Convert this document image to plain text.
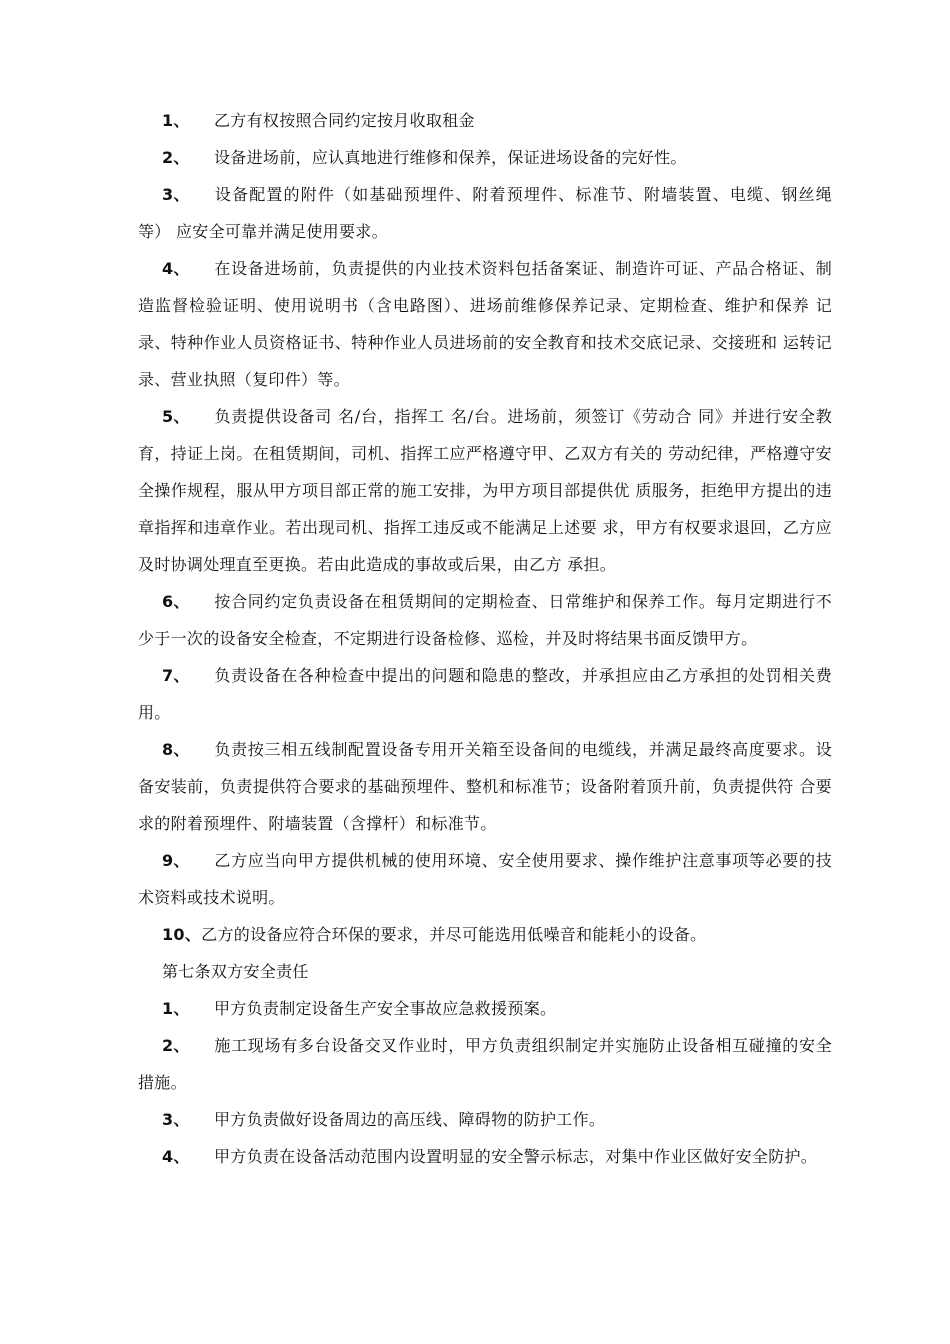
1、 乙方有权按照合同约定按月收取租金

2、 设备进场前，应认真地进行维修和保养，保证进场设备的完好性。

3、 设备配置的附件（如基础预埋件、附着预埋件、标准节、附墙装置、电缆、钢丝绳等） 应安全可靠并满足使用要求。

4、 在设备进场前，负责提供的内业技术资料包括备案证、制造许可证、产品合格证、制 造监督检验证明、使用说明书（含电路图）、进场前维修保养记录、定期检查、维护和保养 记录、特种作业人员资格证书、特种作业人员进场前的安全教育和技术交底记录、交接班和 运转记录、营业执照（复印件）等。

5、 负责提供设备司 名/台，指挥工 名/台。进场前，须签订《劳动合 同》并进行安全教育，持证上岗。在租赁期间，司机、指挥工应严格遵守甲、乙双方有关的 劳动纪律，严格遵守安全操作规程，服从甲方项目部正常的施工安排，为甲方项目部提供优 质服务，拒绝甲方提出的违章指挥和违章作业。若出现司机、指挥工违反或不能满足上述要 求，甲方有权要求退回，乙方应及时协调处理直至更换。若由此造成的事故或后果，由乙方 承担。

6、 按合同约定负责设备在租赁期间的定期检查、日常维护和保养工作。每月定期进行不 少于一次的设备安全检查，不定期进行设备检修、巡检，并及时将结果书面反馈甲方。

7、 负责设备在各种检查中提出的问题和隐患的整改，并承担应由乙方承担的处罚相关费 用。

8、 负责按三相五线制配置设备专用开关箱至设备间的电缆线，并满足最终高度要求。设 备安装前，负责提供符合要求的基础预埋件、整机和标准节；设备附着顶升前，负责提供符 合要求的附着预埋件、附墙装置（含撑杆）和标准节。

9、 乙方应当向甲方提供机械的使用环境、安全使用要求、操作维护注意事项等必要的技 术资料或技术说明。

10、乙方的设备应符合环保的要求，并尽可能选用低噪音和能耗小的设备。

第七条双方安全责任

1、 甲方负责制定设备生产安全事故应急救援预案。

2、 施工现场有多台设备交叉作业时，甲方负责组织制定并实施防止设备相互碰撞的安全 措施。

3、 甲方负责做好设备周边的高压线、障碍物的防护工作。

4、 甲方负责在设备活动范围内设置明显的安全警示标志，对集中作业区做好安全防护。
